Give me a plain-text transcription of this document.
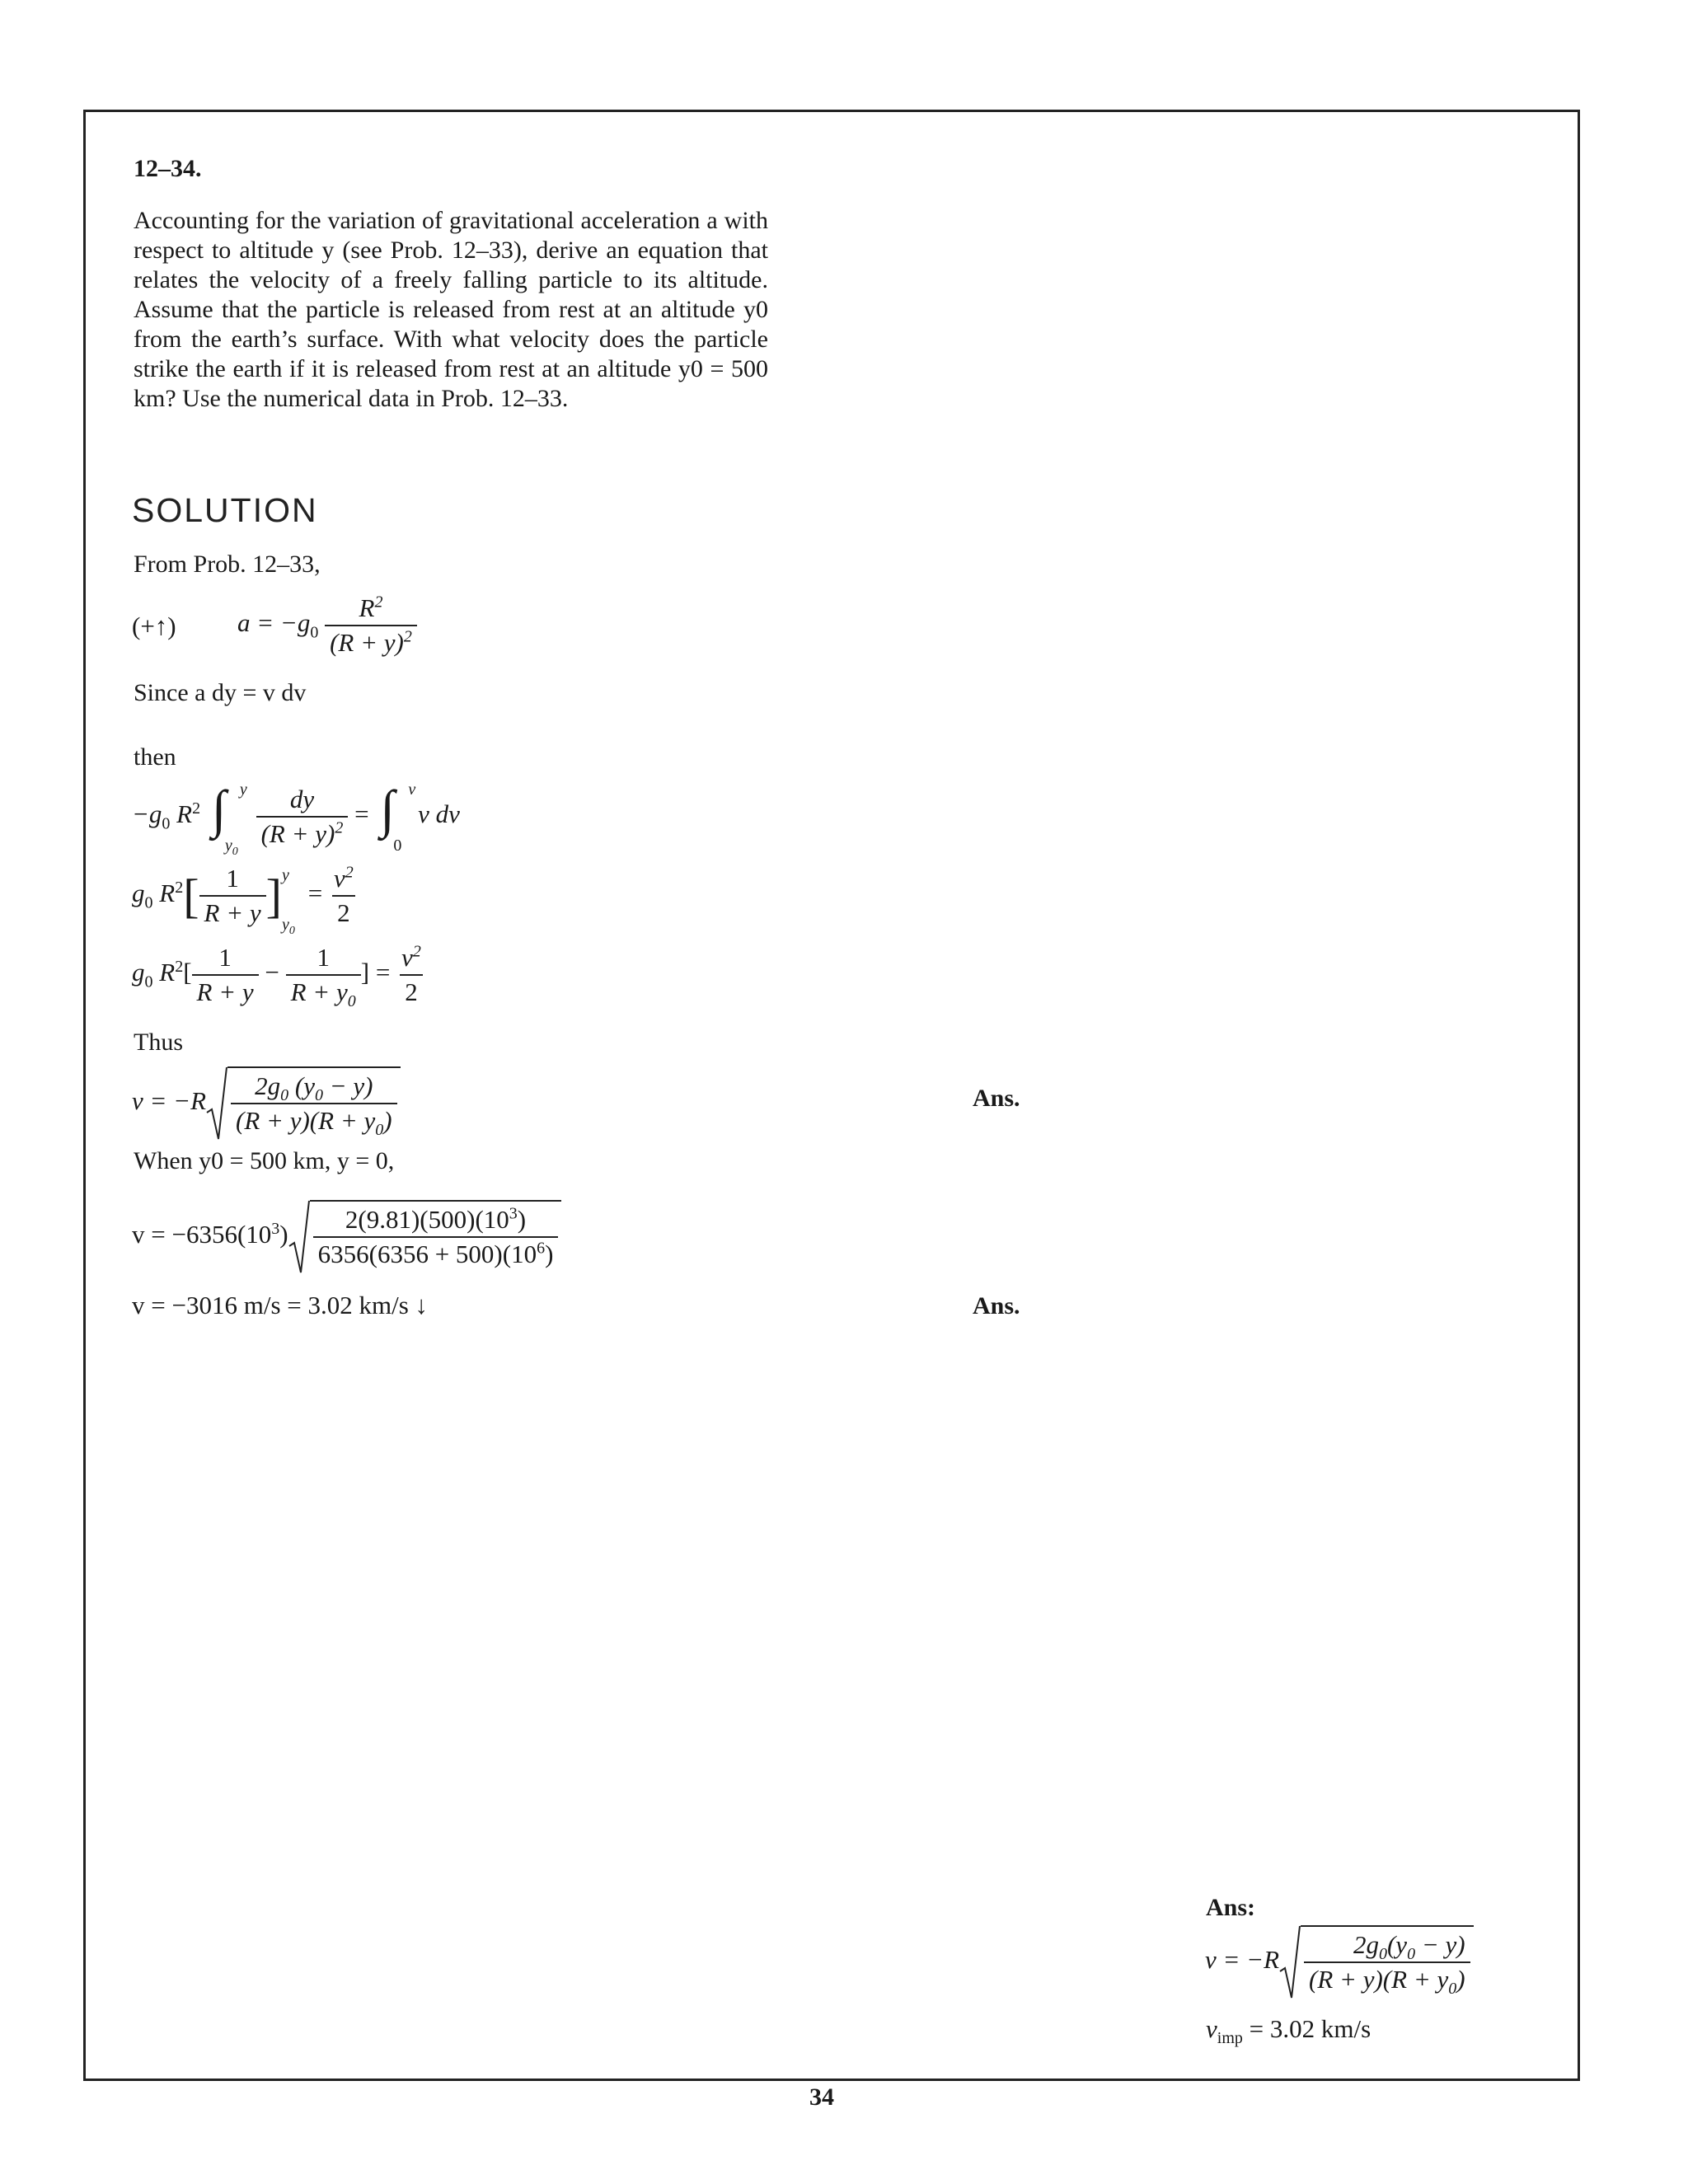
12–34.
Accounting for the variation of gravitational acceleration a with respect to altitude y (see Prob. 12–33), derive an equation that relates the velocity of a freely falling particle to its altitude. Assume that the particle is released from rest at an altitude y0 from the earth’s surface. With what velocity does the particle strike the earth if it is released from rest at an altitude y0 = 500 km? Use the numerical data in Prob. 12–33.
SOLUTION
From Prob. 12–33,
(+↑) $a = -g_0 \frac{R^2}{(R + y)^2}$
Since a dy = v dv
then
$-g_0$ $R^2$ ∫ y
$y_0$

$\frac{dy}{(R + y)^2}$ = ∫ v
0
v dv
$g_0$ $R^2[ \frac{1}{R + y}$ ] y
$y_0$
= $\frac{v^2}{2}$
$g_0$ $R^2[ \frac{1}{R + y} - \frac{1}{R + y_0}$ ] = $\frac{v^2}{2}$
Thus
$v = -R \frac{2g_0 (y_0 - y)}{(R + y)(R + y_0)}$	Ans.
When y0 = 500 km, y = 0,
$v = -6356(10^3) \frac{2(9.81)(500)(10^3)}{6356(6356 + 500)(10^6)}$
v = −3016 m/s = 3.02 km/s ↓	Ans.
Ans:
$v = -R \frac{2g_0(y_0 - y)}{(R + y)(R + y_0)}$
$v_{imp} = 3.02$ km/s
34
